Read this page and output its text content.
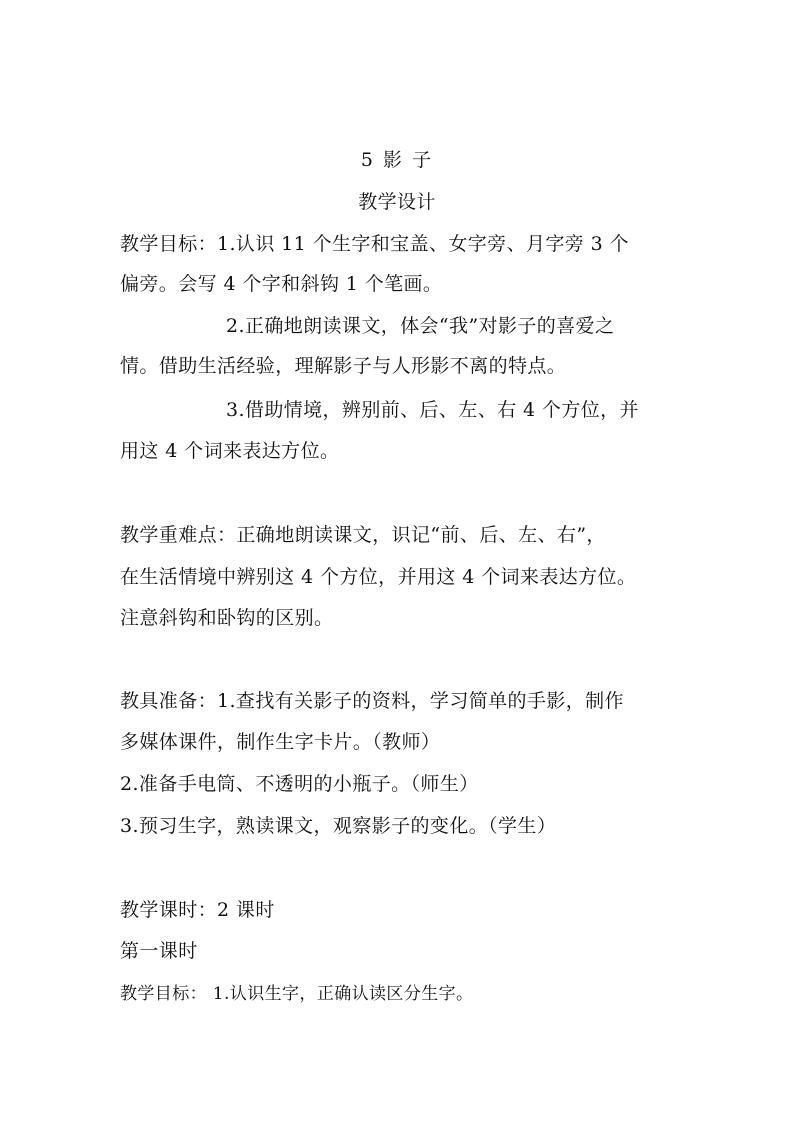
5 影 子
教学设计
教学目标：1.认识 11 个生字和宝盖、女字旁、月字旁 3 个
偏旁。会写 4 个字和斜钩 1 个笔画。
2.正确地朗读课文，体会“我”对影子的喜爱之
情。借助生活经验，理解影子与人形影不离的特点。
3.借助情境，辨别前、后、左、右 4 个方位，并
用这 4 个词来表达方位。
教学重难点：正确地朗读课文，识记“前、后、左、右”，
在生活情境中辨别这 4 个方位，并用这 4 个词来表达方位。
注意斜钩和卧钩的区别。
教具准备：1.查找有关影子的资料，学习简单的手影，制作
多媒体课件，制作生字卡片。（教师）
2.准备手电筒、不透明的小瓶子。（师生）
3.预习生字，熟读课文，观察影子的变化。（学生）
教学课时：2 课时
第一课时
教学目标： 1.认识生字，正确认读区分生字。
